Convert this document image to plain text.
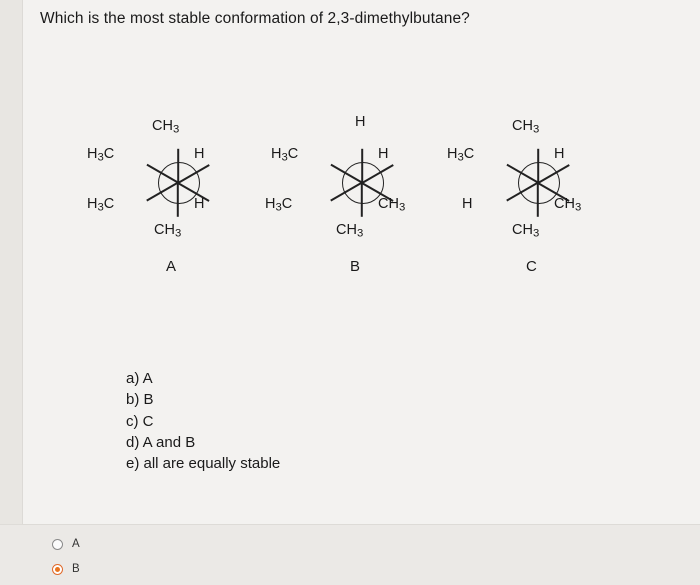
Which is the most stable conformation of 2,3-dimethylbutane?
$CH_3$
$H_3C$	H
$H_3C$	H
$CH_3$
A
H
$H_3C$	H
$H_3C$	$CH_3$
$CH_3$
B
$CH_3$
$H_3C$	H
H	$CH_3$
$CH_3$
C
a) A
b) B
c) C
d) A and B
e) all are equally stable
A
B
